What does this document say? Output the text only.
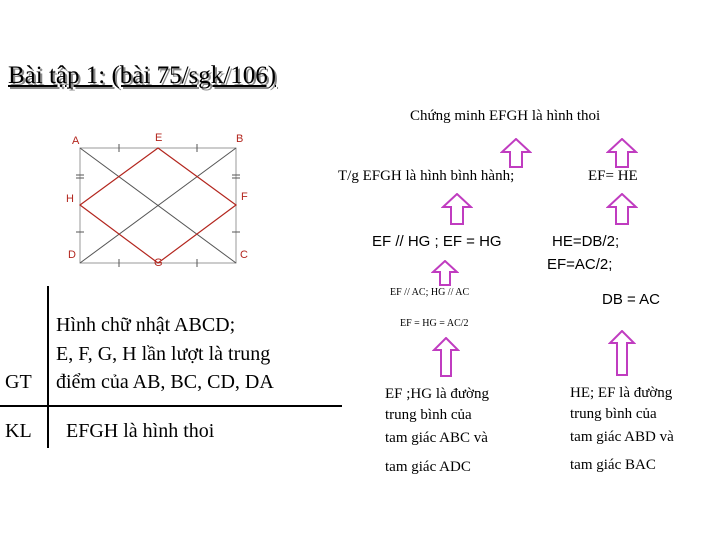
Bài tập 1: (bài 75/sgk/106)
A	E	B
H	F
D
G
C
Hình chữ nhật ABCD;
E, F, G, H lần lượt là trung
GT điểm của AB, BC, CD, DA
KL EFGH là hình thoi
Chứng minh EFGH là hình thoi
T/g EFGH là hình bình hành;	EF= HE
EF // HG ; EF = HG	HE=DB/2;
EF=AC/2;
EF // AC; HG // AC	DB = AC
EF = HG = AC/2
EF ;HG là đường
trung bình của
tam giác ABC và
tam giác ADC
HE; EF là đường
trung bình của
tam giác ABD và
tam giác BAC
